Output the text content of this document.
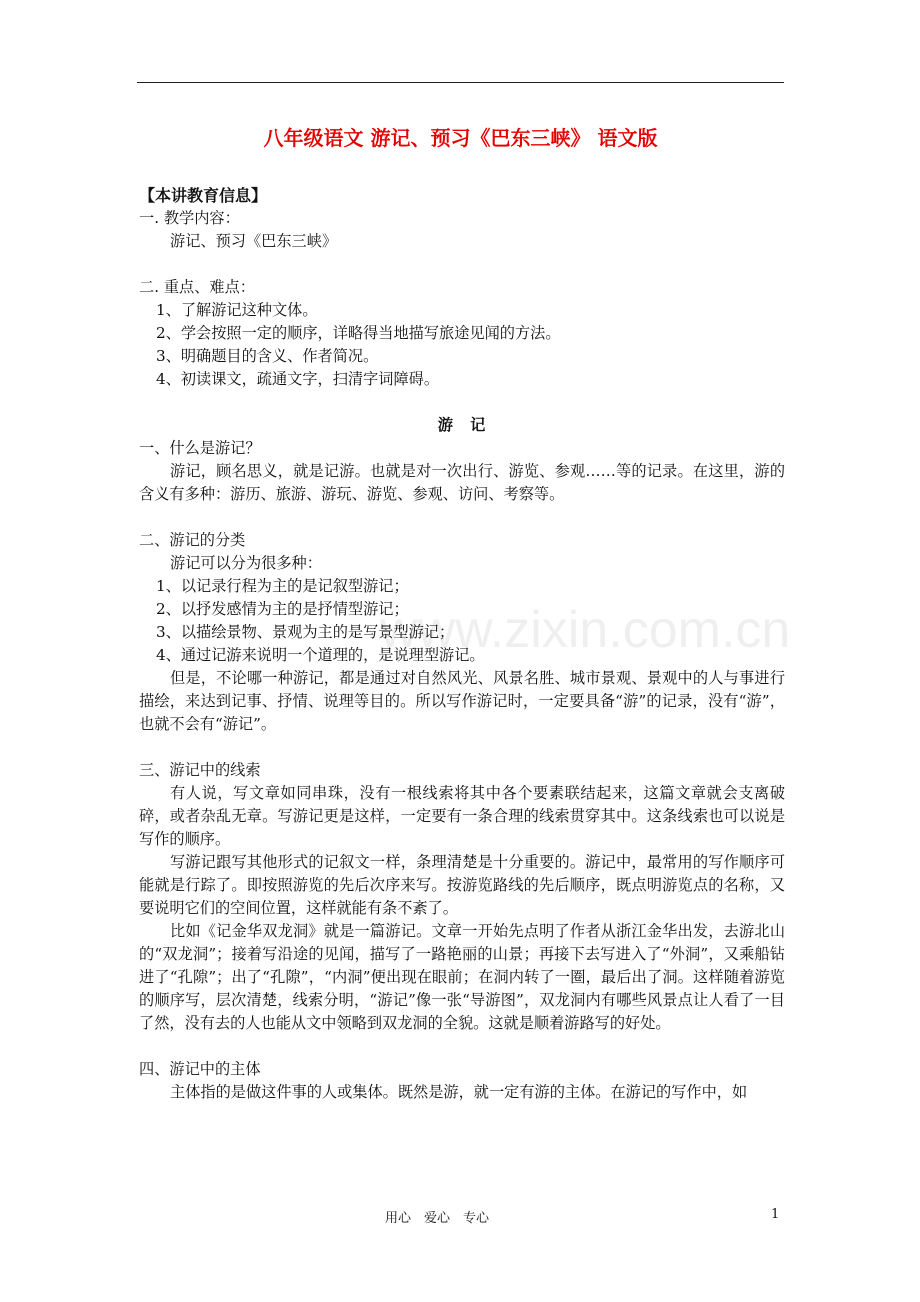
八年级语文 游记、预习《巴东三峡》 语文版
www.zixin.com.cn
【本讲教育信息】
一. 教学内容：
游记、预习《巴东三峡》
二. 重点、难点：
1、了解游记这种文体。
2、学会按照一定的顺序，详略得当地描写旅途见闻的方法。
3、明确题目的含义、作者简况。
4、初读课文，疏通文字，扫清字词障碍。
游　记
一、什么是游记？
游记，顾名思义，就是记游。也就是对一次出行、游览、参观……等的记录。在这里，游的含义有多种：游历、旅游、游玩、游览、参观、访问、考察等。
二、游记的分类
游记可以分为很多种：
1、以记录行程为主的是记叙型游记；
2、以抒发感情为主的是抒情型游记；
3、以描绘景物、景观为主的是写景型游记；
4、通过记游来说明一个道理的，是说理型游记。
但是，不论哪一种游记，都是通过对自然风光、风景名胜、城市景观、景观中的人与事进行描绘，来达到记事、抒情、说理等目的。所以写作游记时，一定要具备“游”的记录，没有“游”，也就不会有“游记”。
三、游记中的线索
有人说，写文章如同串珠，没有一根线索将其中各个要素联结起来，这篇文章就会支离破碎，或者杂乱无章。写游记更是这样，一定要有一条合理的线索贯穿其中。这条线索也可以说是写作的顺序。
写游记跟写其他形式的记叙文一样，条理清楚是十分重要的。游记中，最常用的写作顺序可能就是行踪了。即按照游览的先后次序来写。按游览路线的先后顺序，既点明游览点的名称，又要说明它们的空间位置，这样就能有条不紊了。
比如《记金华双龙洞》就是一篇游记。文章一开始先点明了作者从浙江金华出发，去游北山的“双龙洞”；接着写沿途的见闻，描写了一路艳丽的山景；再接下去写进入了“外洞”，又乘船钻进了“孔隙”；出了“孔隙”，“内洞”便出现在眼前；在洞内转了一圈，最后出了洞。这样随着游览的顺序写，层次清楚，线索分明，“游记”像一张“导游图”，双龙洞内有哪些风景点让人看了一目了然，没有去的人也能从文中领略到双龙洞的全貌。这就是顺着游路写的好处。
四、游记中的主体
主体指的是做这件事的人或集体。既然是游，就一定有游的主体。在游记的写作中，如
用心　爱心　专心	1
